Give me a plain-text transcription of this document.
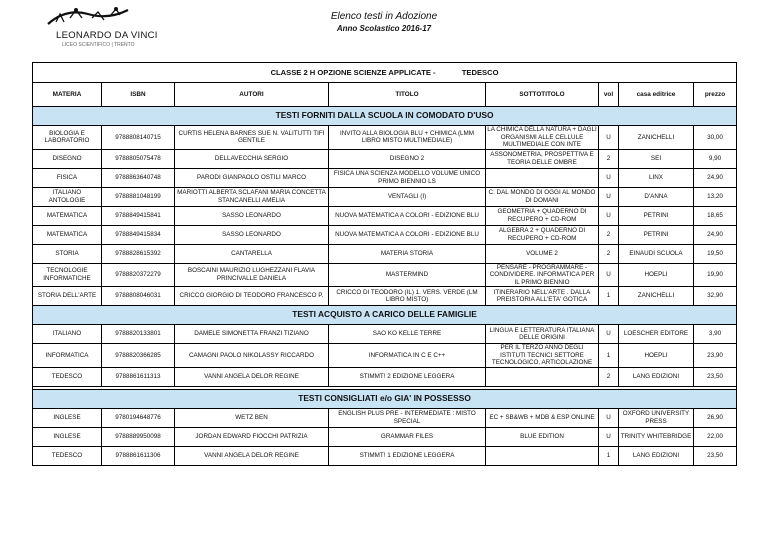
LEONARDO DA VINCI
LICEO SCIENTIFICO | TRENTO
Elenco testi in Adozione
Anno Scolastico 2016-17
CLASSE 2 H OPZIONE SCIENZE APPLICATE - TEDESCO							
MATERIA	ISBN	AUTORI	TITOLO	SOTTOTITOLO	vol	casa editrice	prezzo
TESTI FORNITI DALLA SCUOLA IN COMODATO D'USO							
BIOLOGIA E LABORATORIO	9788808140715	CURTIS HELENA BARNES SUE N. VALITUTTI TIFI GENTILE	INVITO ALLA BIOLOGIA BLU + CHIMICA (LMM LIBRO MISTO MULTIMEDIALE)	LA CHIMICA DELLA NATURA + DAGLI ORGANISMI ALLE CELLULE MULTIMEDIALE CON INTE	U	ZANICHELLI	30,00
DISEGNO	9788805075478	DELLAVECCHIA SERGIO	DISEGNO 2	ASSONOMETRIA, PROSPETTIVA E TEORIA DELLE OMBRE	2	SEI	9,90
FISICA	9788863640748	PARODI GIANPAOLO OSTILI MARCO	FISICA UNA SCIENZA MODELLO VOLUME UNICO PRIMO BIENNIO LS		U	LINX	24,90
ITALIANO ANTOLOGIE	9788881048199	MARIOTTI ALBERTA SCLAFANI MARIA CONCETTA STANCANELLI AMELIA	VENTAGLI (I)	C: DAL MONDO DI OGGI AL MONDO DI DOMANI	U	D'ANNA	13,20
MATEMATICA	9788849415841	SASSO LEONARDO	NUOVA MATEMATICA A COLORI - EDIZIONE BLU	GEOMETRIA + QUADERNO DI RECUPERO + CD-ROM	U	PETRINI	18,65
MATEMATICA	9788849415834	SASSO LEONARDO	NUOVA MATEMATICA A COLORI - EDIZIONE BLU	ALGEBRA 2 + QUADERNO DI RECUPERO + CD-ROM	2	PETRINI	24,90
STORIA	9788828615392	CANTARELLA	MATERIA STORIA	VOLUME 2	2	EINAUDI SCUOLA	19,50
TECNOLOGIE INFORMATICHE	9788820372279	BOSCAINI MAURIZIO LUGHEZZANI FLAVIA PRINCIVALLE DANIELA	MASTERMIND	PENSARE - PROGRAMMARE - CONDIVIDERE. INFORMATICA PER IL PRIMO BIENNIO	U	HOEPLI	19,90
STORIA DELL'ARTE	9788808046031	CRICCO GIORGIO DI TEODORO FRANCESCO P.	CRICCO DI TEODORO (IL) 1. VERS. VERDE (LM LIBRO MISTO)	ITINERARIO NELL'ARTE . DALLA PREISTORIA ALL'ETA' GOTICA	1	ZANICHELLI	32,90
TESTI ACQUISTO A CARICO DELLE FAMIGLIE							
ITALIANO	9788820133801	DAMELE SIMONETTA FRANZI TIZIANO	SAO KO KELLE TERRE	LINGUA E LETTERATURA ITALIANA DELLE ORIGINI	U	LOESCHER EDITORE	3,90
INFORMATICA	9788820366285	CAMAGNI PAOLO NIKOLASSY RICCARDO	INFORMATICA IN C E C++	PER IL TERZO ANNO DEGLI ISTITUTI TECNICI SETTORE TECNOLOGICO, ARTICOLAZIONE	1	HOEPLI	23,90
TEDESCO	9788861611313	VANNI ANGELA DELOR REGINE	STIMMT! 2 EDIZIONE LEGGERA		2	LANG EDIZIONI	23,50

TESTI CONSIGLIATI e/o GIA' IN POSSESSO							
INGLESE	9780194648776	WETZ BEN	ENGLISH PLUS PRE - INTERMEDIATE : MISTO SPECIAL	EC + SB&WB + MDB & ESP ONLINE	U	OXFORD UNIVERSITY PRESS	26,90
INGLESE	9788889950098	JORDAN EDWARD FIOCCHI PATRIZIA	GRAMMAR FILES	BLUE EDITION	U	TRINITY WHITEBRIDGE	22,00
TEDESCO	9788861611306	VANNI ANGELA DELOR REGINE	STIMMT! 1 EDIZIONE LEGGERA		1	LANG EDIZIONI	23,50
